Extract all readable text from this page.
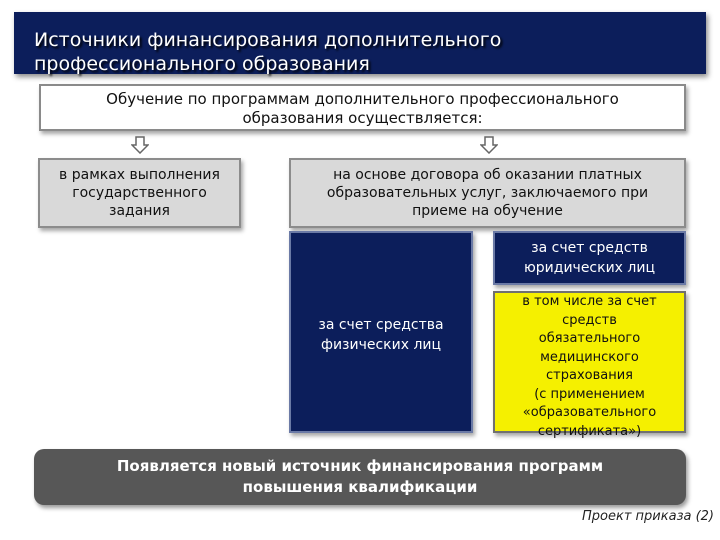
Источники финансирования дополнительного
профессионального образования
Обучение по программам дополнительного профессионального
образования осуществляется:
в рамках выполнения
государственного
задания
на основе договора об оказании платных
образовательных услуг, заключаемого при
приеме на обучение
за счет средства
физических лиц
за счет средств
юридических лиц
в том числе за счет
средств
обязательного
медицинского
страхования
(с применением
«образовательного
сертификата»)
Появляется новый источник финансирования программ
повышения квалификации
Проект приказа (2)
